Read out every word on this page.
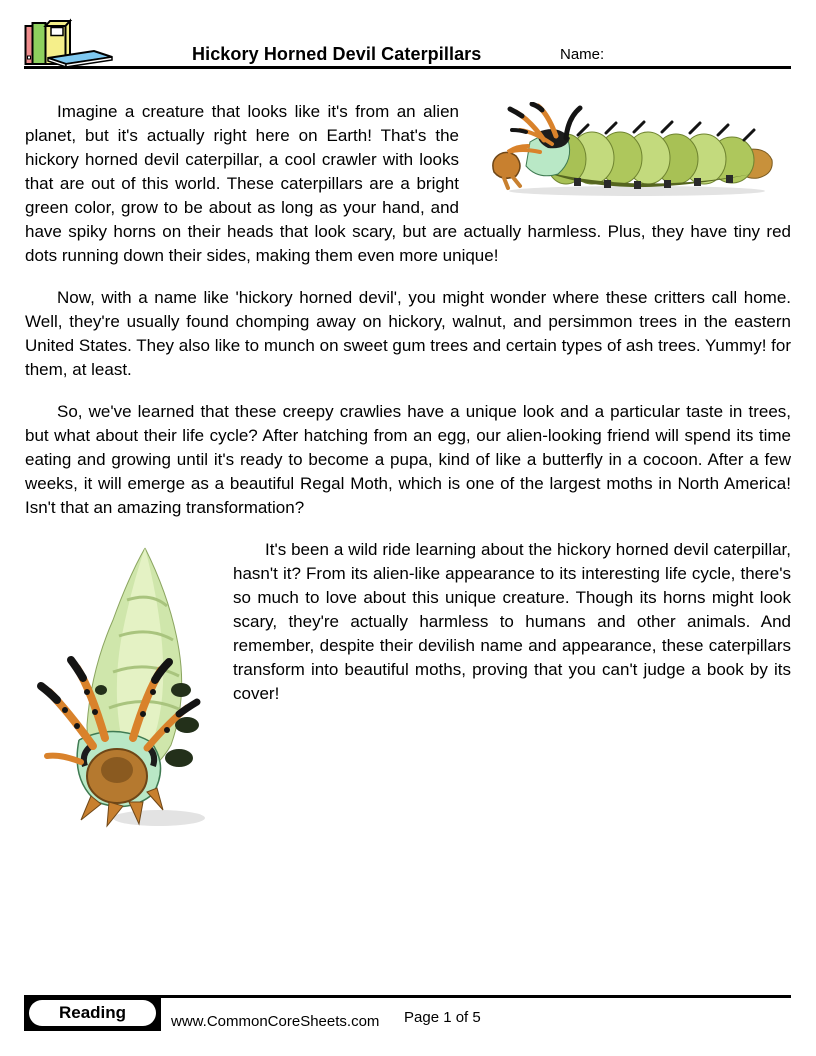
Hickory Horned Devil Caterpillars	Name:

Imagine a creature that looks like it's from an alien planet, but it's actually right here on Earth! That's the hickory horned devil caterpillar, a cool crawler with looks that are out of this world. These caterpillars are a bright green color, grow to be about as long as your hand, and have spiky horns on their heads that look scary, but are actually harmless. Plus, they have tiny red dots running down their sides, making them even more unique!

Now, with a name like 'hickory horned devil', you might wonder where these critters call home. Well, they're usually found chomping away on hickory, walnut, and persimmon trees in the eastern United States. They also like to munch on sweet gum trees and certain types of ash trees. Yummy! for them, at least.

So, we've learned that these creepy crawlies have a unique look and a particular taste in trees, but what about their life cycle? After hatching from an egg, our alien-looking friend will spend its time eating and growing until it's ready to become a pupa, kind of like a butterfly in a cocoon. After a few weeks, it will emerge as a beautiful Regal Moth, which is one of the largest moths in North America! Isn't that an amazing transformation?

It's been a wild ride learning about the hickory horned devil caterpillar, hasn't it? From its alien-like appearance to its interesting life cycle, there's so much to love about this unique creature. Though its horns might look scary, they're actually harmless to humans and other animals. And remember, despite their devilish name and appearance, these caterpillars transform into beautiful moths, proving that you can't judge a book by its cover!

Reading	www.CommonCoreSheets.com Page 1 of 5
